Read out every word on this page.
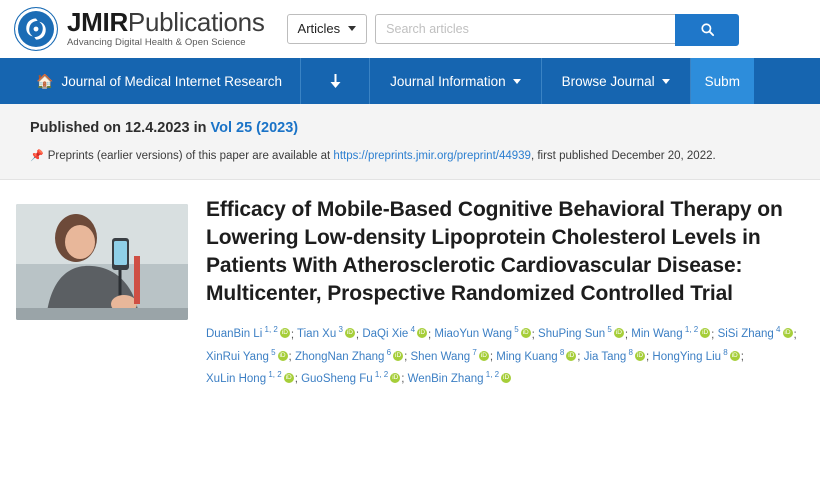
JMIRPublications
Advancing Digital Health & Open Science
Articles
Search articles
🏠 Journal of Medical Internet Research	Journal Information	Browse Journal	Subm
Published on 12.4.2023 in Vol 25 (2023)
📌 Preprints (earlier versions) of this paper are available at https://preprints.jmir.org/preprint/44939, first published December 20, 2022.
Efficacy of Mobile-Based Cognitive Behavioral Therapy on Lowering Low-density Lipoprotein Cholesterol Levels in Patients With Atherosclerotic Cardiovascular Disease: Multicenter, Prospective Randomized Controlled Trial
DuanBin Li $^{1, 2}$ iD ; Tian Xu $^3$ iD ; DaQi Xie $^4$ iD ; MiaoYun Wang $^5$ iD ; ShuPing Sun $^5$ iD ; Min Wang $^{1, 2}$ iD ; SiSi Zhang $^4$ iD ; XinRui Yang $^5$ iD ; ZhongNan Zhang $^6$ iD ; Shen Wang $^7$ iD ; Ming Kuang $^8$ iD ; Jia Tang $^8$ iD ; HongYing Liu $^8$ iD ; XuLin Hong $^{1, 2}$ iD ; GuoSheng Fu $^{1, 2}$ iD ; WenBin Zhang $^{1, 2}$iD
